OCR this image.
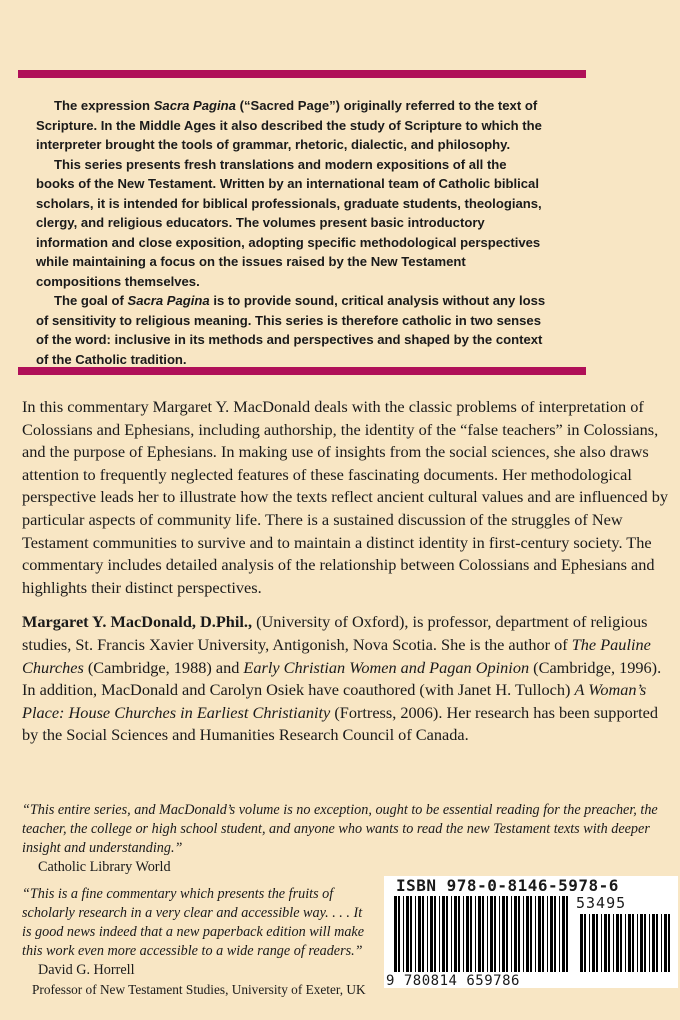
The expression Sacra Pagina (“Sacred Page”) originally referred to the text of Scripture. In the Middle Ages it also described the study of Scripture to which the interpreter brought the tools of grammar, rhetoric, dialectic, and philosophy.

This series presents fresh translations and modern expositions of all the books of the New Testament. Written by an international team of Catholic biblical scholars, it is intended for biblical professionals, graduate students, theologians, clergy, and religious educators. The volumes present basic introductory information and close exposition, adopting specific methodological perspectives while maintaining a focus on the issues raised by the New Testament compositions themselves.

The goal of Sacra Pagina is to provide sound, critical analysis without any loss of sensitivity to religious meaning. This series is therefore catholic in two senses of the word: inclusive in its methods and perspectives and shaped by the context of the Catholic tradition.

In this commentary Margaret Y. MacDonald deals with the classic problems of interpretation of Colossians and Ephesians, including authorship, the identity of the “false teachers” in Colossians, and the purpose of Ephesians. In making use of insights from the social sciences, she also draws attention to frequently neglected features of these fascinating documents. Her methodological perspective leads her to illustrate how the texts reflect ancient cultural values and are influenced by particular aspects of community life. There is a sustained discussion of the struggles of New Testament communities to survive and to maintain a distinct identity in first-century society. The commentary includes detailed analysis of the relationship between Colossians and Ephesians and highlights their distinct perspectives.

Margaret Y. MacDonald, D.Phil., (University of Oxford), is professor, department of religious studies, St. Francis Xavier University, Antigonish, Nova Scotia. She is the author of The Pauline Churches (Cambridge, 1988) and Early Christian Women and Pagan Opinion (Cambridge, 1996). In addition, MacDonald and Carolyn Osiek have coauthored (with Janet H. Tulloch) A Woman’s Place: House Churches in Earliest Christianity (Fortress, 2006). Her research has been supported by the Social Sciences and Humanities Research Council of Canada.

“This entire series, and MacDonald’s volume is no exception, ought to be essential reading for the preacher, the teacher, the college or high school student, and anyone who wants to read the new Testament texts with deeper insight and understanding.”
Catholic Library World
“This is a fine commentary which presents the fruits of scholarly research in a very clear and accessible way. . . . It is good news indeed that a new paperback edition will make this work even more accessible to a wide range of readers.”
David G. Horrell
Professor of New Testament Studies, University of Exeter, UK
ISBN 978-0-8146-5978-6
53495
9 780814 659786
